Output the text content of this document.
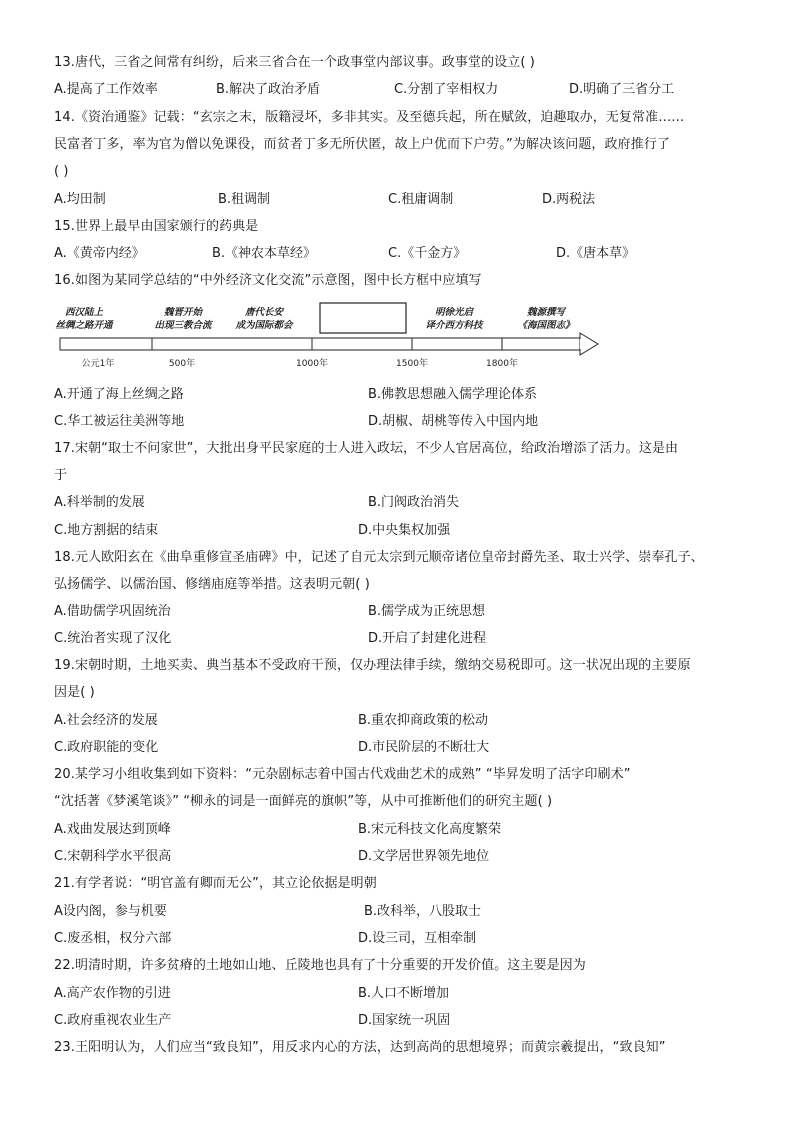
13.唐代，三省之间常有纠纷，后来三省合在一个政事堂内部议事。政事堂的设立( )
A.提高了工作效率	B.解决了政治矛盾	C.分割了宰相权力	D.明确了三省分工
14.《资治通鉴》记载：“玄宗之末，版籍浸坏，多非其实。及至德兵起，所在赋敛，迫趣取办，无复常准……
民富者丁多，率为官为僧以免课役，而贫者丁多无所伏匿，故上户优而下户劳。”为解决该问题，政府推行了
( )
A.均田制	B.租调制	C.租庸调制	D.两税法
15.世界上最早由国家颁行的药典是
A.《黄帝内经》	B.《神农本草经》	C.《千金方》	D.《唐本草》
16.如图为某同学总结的“中外经济文化交流”示意图，图中长方框中应填写
西汉陆上
丝绸之路开通
魏晋开始
出现三教合流
唐代长安
成为国际都会
明徐光启
译介西方科技
魏源撰写
《海国图志》
公元1年	500年	1000年	1500年	1800年
A.开通了海上丝绸之路	B.佛教思想融入儒学理论体系
C.华工被运往美洲等地	D.胡椒、胡桃等传入中国内地
17.宋朝“取士不问家世”，大批出身平民家庭的士人进入政坛，不少人官居高位，给政治增添了活力。这是由
于
A.科举制的发展	B.门阀政治消失
C.地方割据的结束	D.中央集权加强
18.元人欧阳玄在《曲阜重修宣圣庙碑》中，记述了自元太宗到元顺帝诸位皇帝封爵先圣、取士兴学、崇奉孔子、
弘扬儒学、以儒治国、修缮庙庭等举措。这表明元朝( )
A.借助儒学巩固统治	B.儒学成为正统思想
C.统治者实现了汉化	D.开启了封建化进程
19.宋朝时期，土地买卖、典当基本不受政府干预，仅办理法律手续，缴纳交易税即可。这一状况出现的主要原
因是( )
A.社会经济的发展	B.重农抑商政策的松动
C.政府职能的变化	D.市民阶层的不断壮大
20.某学习小组收集到如下资料：“元杂剧标志着中国古代戏曲艺术的成熟” “毕昇发明了活字印刷术”
“沈括著《梦溪笔谈》” “柳永的词是一面鲜亮的旗帜”等，从中可推断他们的研究主题( )
A.戏曲发展达到顶峰	B.宋元科技文化高度繁荣
C.宋朝科学水平很高	D.文学居世界领先地位
21.有学者说：“明官盖有卿而无公”，其立论依据是明朝
A设内阁，参与机要	B.改科举，八股取士
C.废丞相，权分六部	D.设三司，互相牵制
22.明清时期，许多贫瘠的土地如山地、丘陵地也具有了十分重要的开发价值。这主要是因为
A.高产农作物的引进	B.人口不断增加
C.政府重视农业生产	D.国家统一巩固
23.王阳明认为，人们应当“致良知”，用反求内心的方法，达到高尚的思想境界；而黄宗羲提出，“致良知”
